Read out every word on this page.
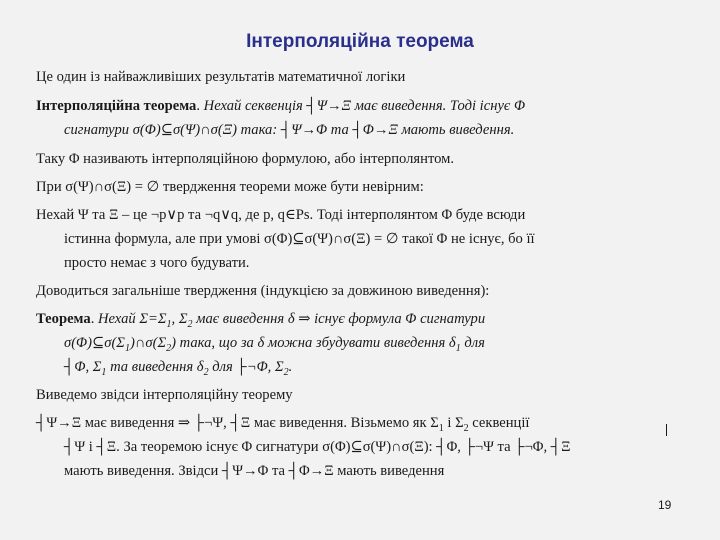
Інтерполяційна теорема
Це один із найважливіших результатів математичної логіки
Інтерполяційна теорема. Нехай секвенція ┤Ψ→Ξ має виведення. Тоді існує Φ
сигнатури σ(Φ)⊆σ(Ψ)∩σ(Ξ) така: ┤Ψ→Φ та ┤Φ→Ξ мають виведення.
Таку Φ називають інтерполяційною формулою, або інтерполянтом.
При σ(Ψ)∩σ(Ξ) = ∅ твердження теореми може бути невірним:
Нехай Ψ та Ξ – це ¬p∨p та ¬q∨q, де p, q∈Ps. Тоді інтерполянтом Φ буде всюди
істинна формула, але при умові σ(Φ)⊆σ(Ψ)∩σ(Ξ) = ∅ такої Φ не існує, бо її
просто немає з чого будувати.
Доводиться загальніше твердження (індукцією за довжиною виведення):
Теорема. Нехай $\Sigma=\Sigma_1$, $\Sigma_2$ має виведення δ ⇒ існує формула Φ сигнатури
$\sigma(\Phi)⊆\sigma(\Sigma_1)\cap\sigma(\Sigma_2)$ така, що за δ можна збудувати виведення $\delta_1$ для
┤Φ, $\Sigma_1$ та виведення $\delta_2$ для ├¬Φ, $\Sigma_2$.
Виведемо звідси інтерполяційну теорему
┤Ψ→Ξ має виведення ⇒ ├¬Ψ, ┤Ξ має виведення. Візьмемо як $\Sigma_1$ і $\Sigma_2$ секвенції
┤Ψ і ┤Ξ. За теоремою існує Φ сигнатури σ(Φ)⊆σ(Ψ)∩σ(Ξ): ┤Φ, ├¬Ψ та ├¬Φ, ┤Ξ
мають виведення. Звідси ┤Ψ→Φ та ┤Φ→Ξ мають виведення
19
